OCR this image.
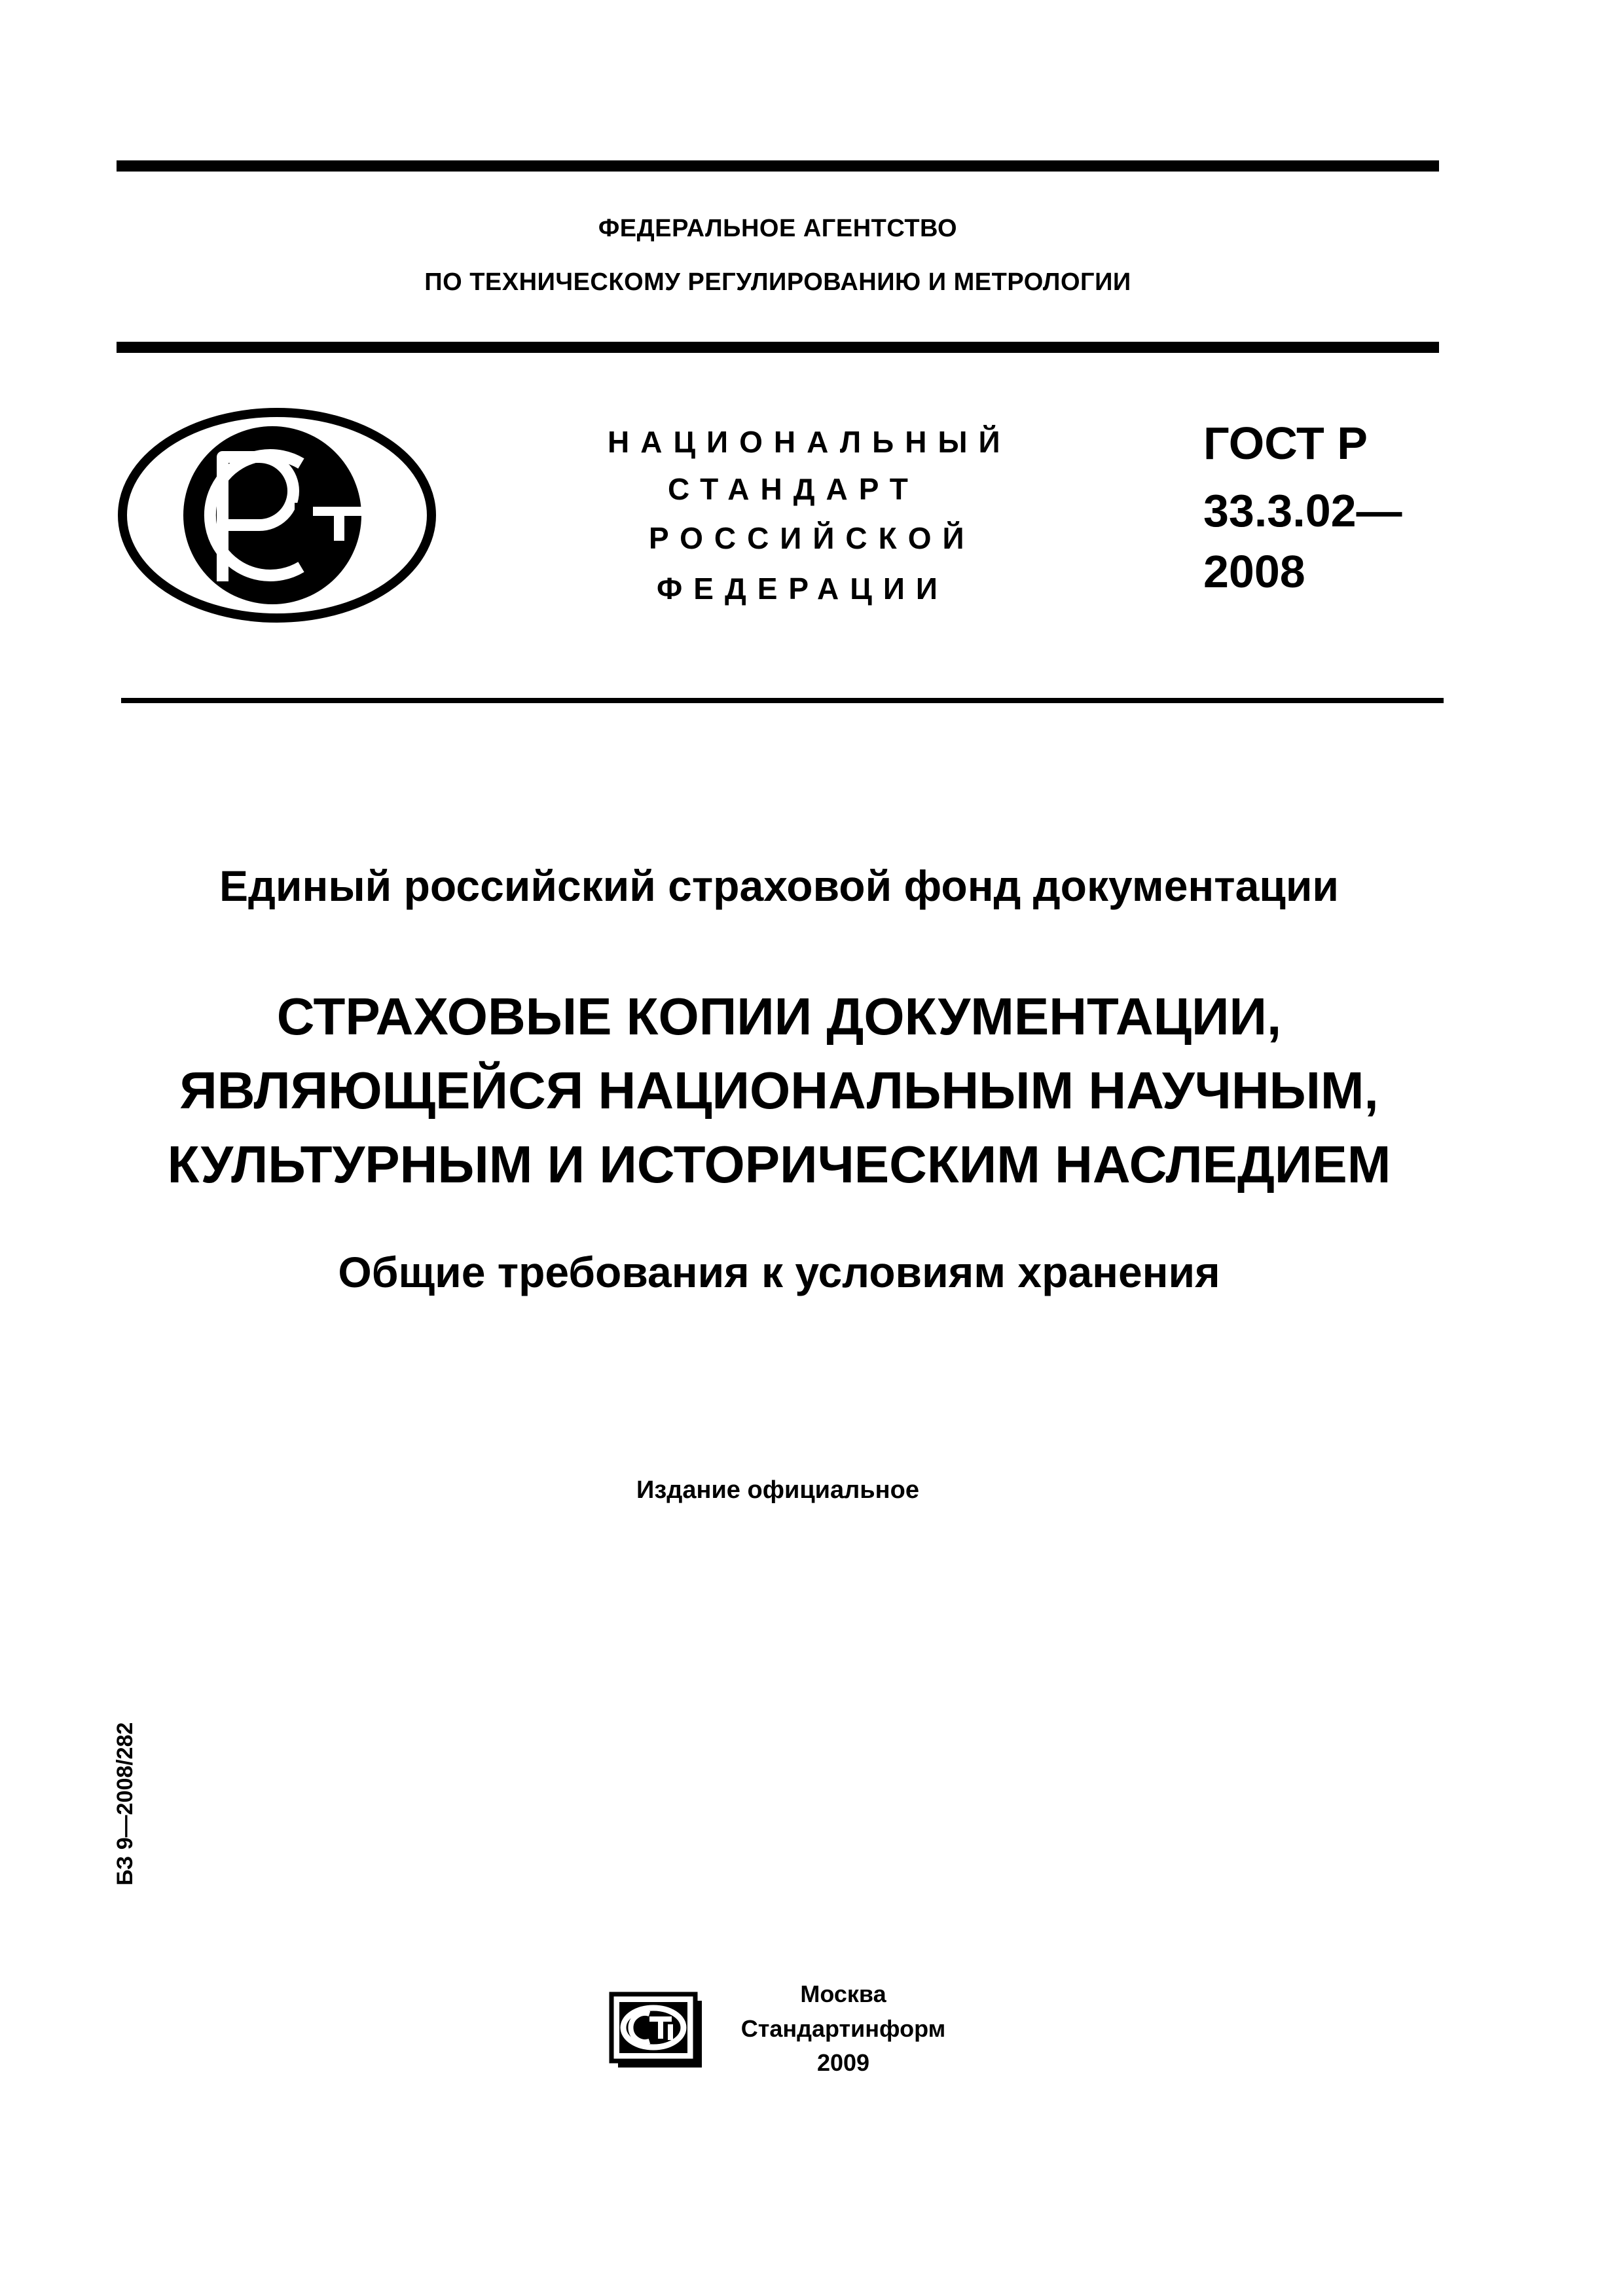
ФЕДЕРАЛЬНОЕ АГЕНТСТВО
ПО ТЕХНИЧЕСКОМУ РЕГУЛИРОВАНИЮ И МЕТРОЛОГИИ
НАЦИОНАЛЬНЫЙ
СТАНДАРТ
РОССИЙСКОЙ
ФЕДЕРАЦИИ
ГОСТ Р
33.3.02—
2008
Единый российский страховой фонд документации
СТРАХОВЫЕ КОПИИ ДОКУМЕНТАЦИИ,
ЯВЛЯЮЩЕЙСЯ НАЦИОНАЛЬНЫМ НАУЧНЫМ,
КУЛЬТУРНЫМ И ИСТОРИЧЕСКИМ НАСЛЕДИЕМ
Общие требования к условиям хранения
Издание официальное
БЗ 9—2008/282
Москва
Стандартинформ
2009
